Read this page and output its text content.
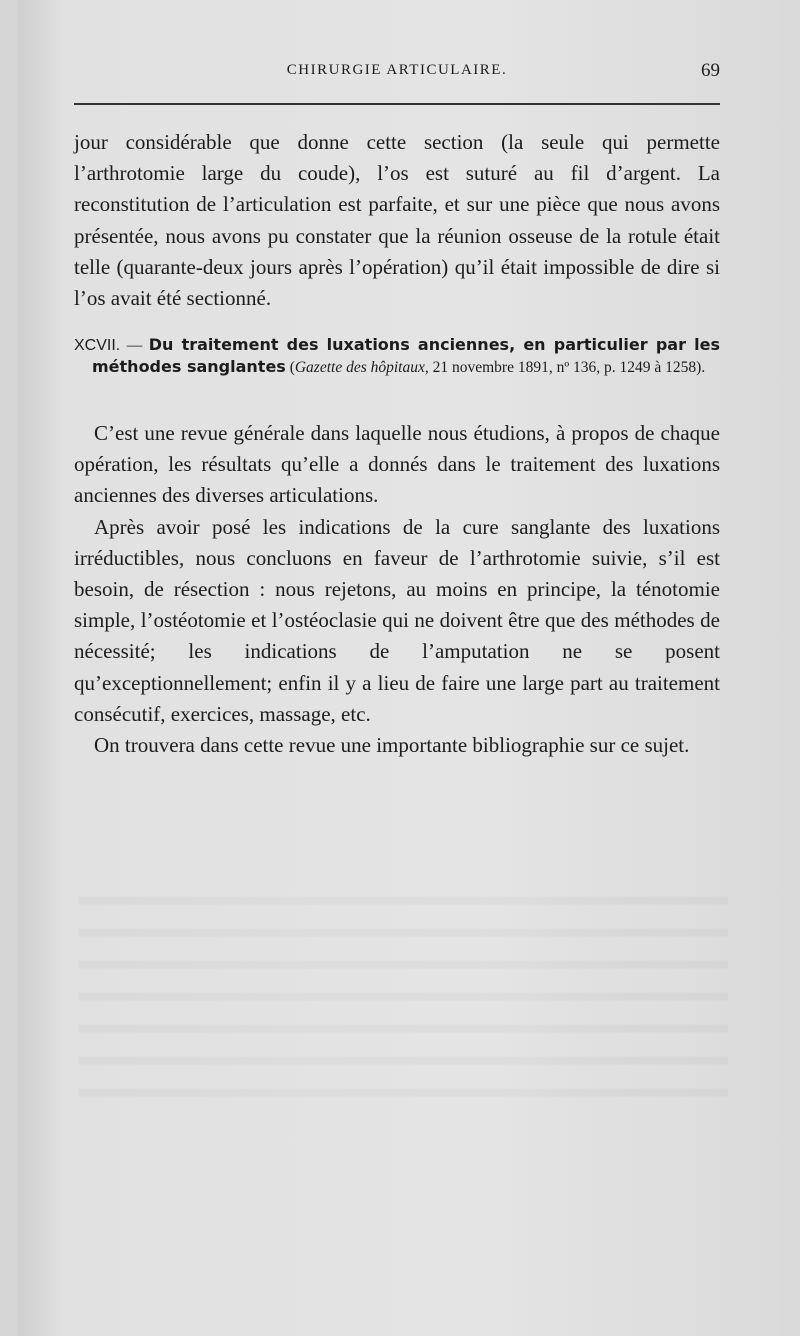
CHIRURGIE ARTICULAIRE.	69

jour considérable que donne cette section (la seule qui permette l’arthrotomie large du coude), l’os est suturé au fil d’argent. La reconstitution de l’articulation est parfaite, et sur une pièce que nous avons présentée, nous avons pu constater que la réunion osseuse de la rotule était telle (quarante-deux jours après l’opération) qu’il était impossible de dire si l’os avait été sectionné.

XCVII. — Du traitement des luxations anciennes, en particulier par les méthodes sanglantes (Gazette des hôpitaux, 21 novembre 1891, nº 136, p. 1249 à 1258).

C’est une revue générale dans laquelle nous étudions, à propos de chaque opération, les résultats qu’elle a donnés dans le traitement des luxations anciennes des diverses articulations.

Après avoir posé les indications de la cure sanglante des luxations irréductibles, nous concluons en faveur de l’arthrotomie suivie, s’il est besoin, de résection : nous rejetons, au moins en principe, la ténotomie simple, l’ostéotomie et l’ostéoclasie qui ne doivent être que des méthodes de nécessité; les indications de l’amputation ne se posent qu’exceptionnellement; enfin il y a lieu de faire une large part au traitement consécutif, exercices, massage, etc.

On trouvera dans cette revue une importante bibliographie sur ce sujet.
